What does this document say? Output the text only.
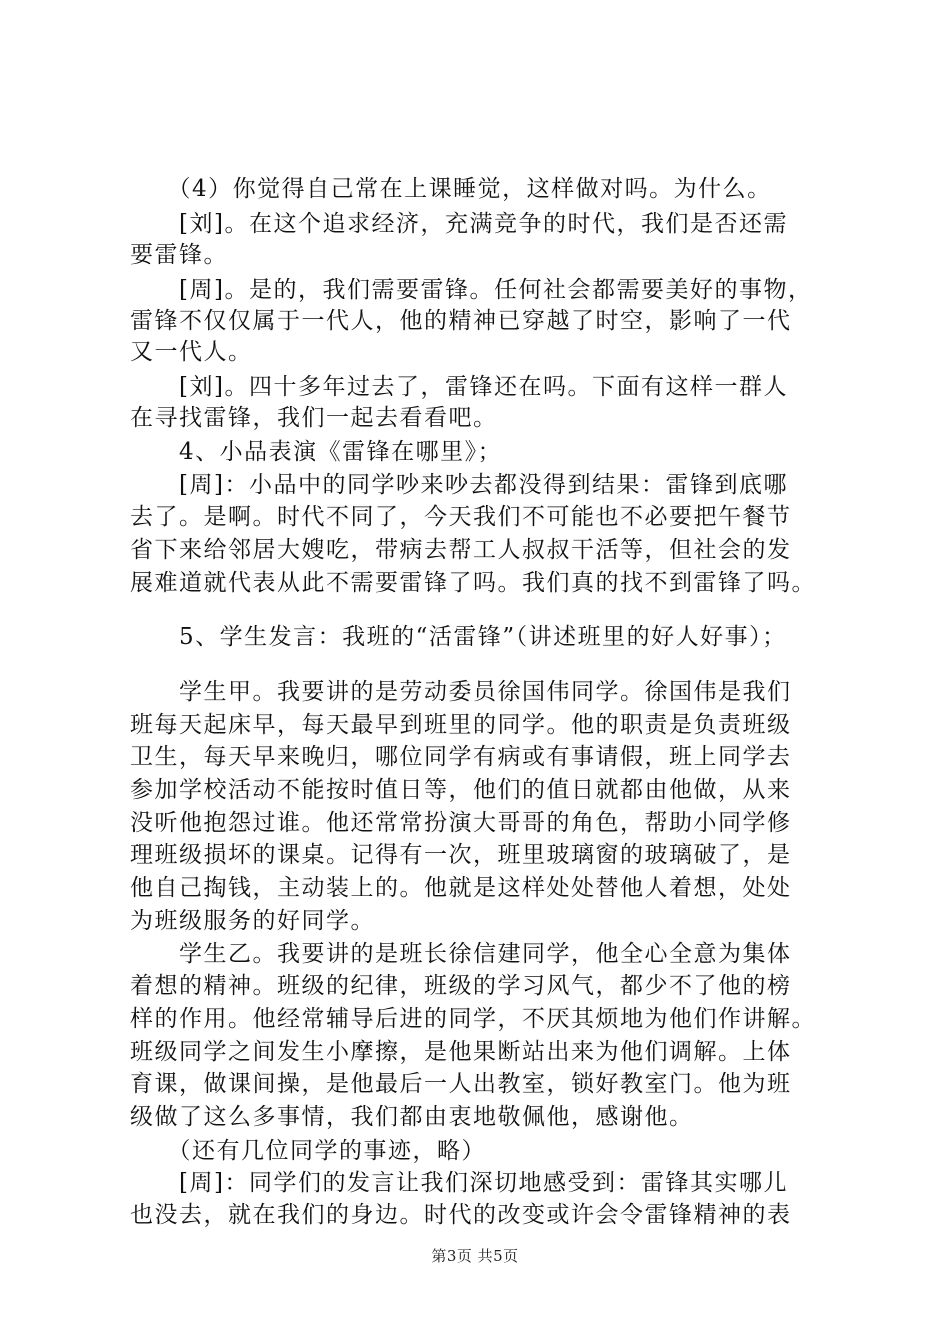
　　（4）你觉得自己常在上课睡觉，这样做对吗。为什么。
　　[刘]。在这个追求经济，充满竞争的时代，我们是否还需
要雷锋。
　　[周]。是的，我们需要雷锋。任何社会都需要美好的事物，
雷锋不仅仅属于一代人，他的精神已穿越了时空，影响了一代
又一代人。
　　[刘]。四十多年过去了，雷锋还在吗。下面有这样一群人
在寻找雷锋，我们一起去看看吧。
　　4、小品表演《雷锋在哪里》；
　　[周]：小品中的同学吵来吵去都没得到结果：雷锋到底哪
去了。是啊。时代不同了，今天我们不可能也不必要把午餐节
省下来给邻居大嫂吃，带病去帮工人叔叔干活等，但社会的发
展难道就代表从此不需要雷锋了吗。我们真的找不到雷锋了吗。
　　5、学生发言：我班的“活雷锋”（讲述班里的好人好事）；
　　学生甲。我要讲的是劳动委员徐国伟同学。徐国伟是我们
班每天起床早，每天最早到班里的同学。他的职责是负责班级
卫生，每天早来晚归，哪位同学有病或有事请假，班上同学去
参加学校活动不能按时值日等，他们的值日就都由他做，从来
没听他抱怨过谁。他还常常扮演大哥哥的角色，帮助小同学修
理班级损坏的课桌。记得有一次，班里玻璃窗的玻璃破了，是
他自己掏钱，主动装上的。他就是这样处处替他人着想，处处
为班级服务的好同学。
　　学生乙。我要讲的是班长徐信建同学，他全心全意为集体
着想的精神。班级的纪律，班级的学习风气，都少不了他的榜
样的作用。他经常辅导后进的同学，不厌其烦地为他们作讲解。
班级同学之间发生小摩擦，是他果断站出来为他们调解。上体
育课，做课间操，是他最后一人出教室，锁好教室门。他为班
级做了这么多事情，我们都由衷地敬佩他，感谢他。
　　（还有几位同学的事迹，略）
　　[周]：同学们的发言让我们深切地感受到：雷锋其实哪儿
也没去，就在我们的身边。时代的改变或许会令雷锋精神的表
第3页 共5页
